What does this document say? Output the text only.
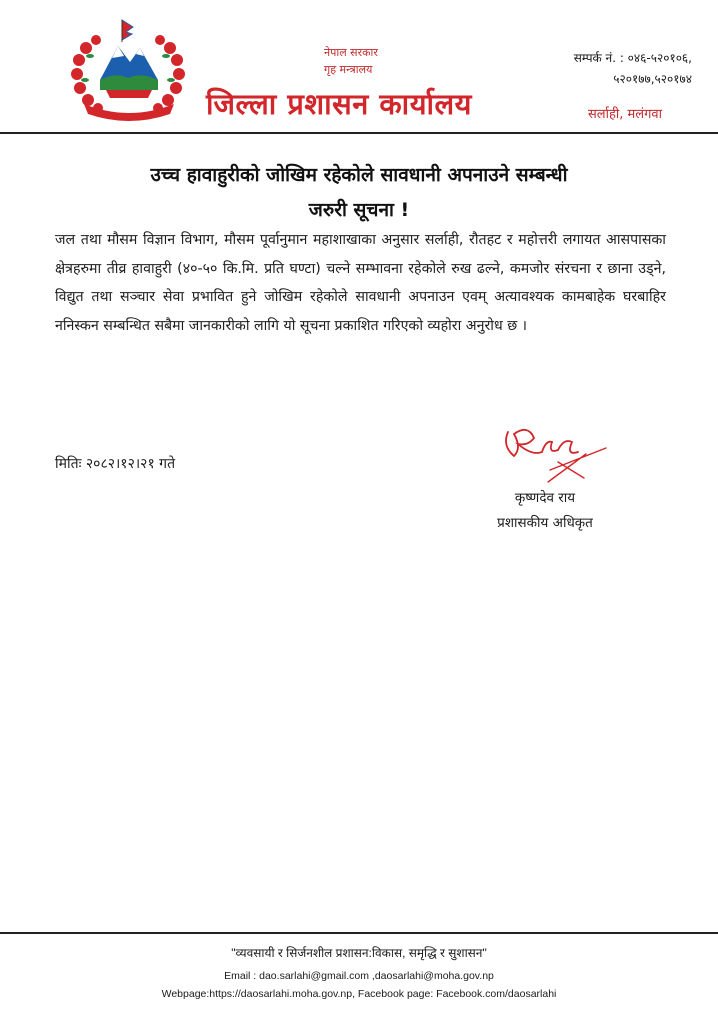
नेपाल सरकार
गृह मन्त्रालय
जिल्ला प्रशासन कार्यालय
सम्पर्क नं. : ०४६-५२०१०६,
५२०१७७,५२०१७४
सर्लाही, मलंगवा
उच्च हावाहुरीको जोखिम रहेकोले सावधानी अपनाउने सम्बन्धी
जरुरी सूचना !
जल तथा मौसम विज्ञान विभाग, मौसम पूर्वानुमान महाशाखाका अनुसार सर्लाही, रौतहट र महोत्तरी लगायत आसपासका क्षेत्रहरुमा तीव्र हावाहुरी (४०-५० कि.मि. प्रति घण्टा) चल्ने सम्भावना रहेकोले रुख ढल्ने, कमजोर संरचना र छाना उड्ने, विद्युत तथा सञ्चार सेवा प्रभावित हुने जोखिम रहेकोले सावधानी अपनाउन एवम् अत्यावश्यक कामबाहेक घरबाहिर ननिस्कन सम्बन्धित सबैमा जानकारीको लागि यो सूचना प्रकाशित गरिएको व्यहोरा अनुरोध छ ।
मितिः २०८२।१२।२१ गते
कृष्णदेव राय
प्रशासकीय अधिकृत
"व्यवसायी र सिर्जनशील प्रशासन:विकास, समृद्धि र सुशासन"
Email : dao.sarlahi@gmail.com ,daosarlahi@moha.gov.np
Webpage:https://daosarlahi.moha.gov.np, Facebook page: Facebook.com/daosarlahi
